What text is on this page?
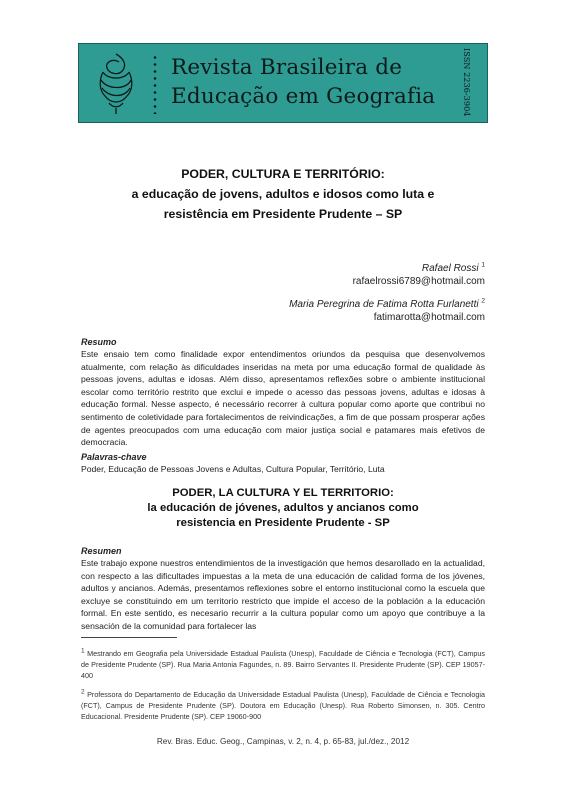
Revista Brasileira de
Educação em Geografia	ISSN 2236-3904
PODER, CULTURA E TERRITÓRIO:
a educação de jovens, adultos e idosos como luta e
resistência em Presidente Prudente – SP
Rafael Rossi $^1$
rafaelrossi6789@hotmail.com
Maria Peregrina de Fatima Rotta Furlanetti $^2$
fatimarotta@hotmail.com
Resumo
Este ensaio tem como finalidade expor entendimentos oriundos da pesquisa que desenvolvemos atualmente, com relação às dificuldades inseridas na meta por uma educação formal de qualidade às pessoas jovens, adultas e idosas. Além disso, apresentamos reflexões sobre o ambiente institucional escolar como território restrito que exclui e impede o acesso das pessoas jovens, adultas e idosas à educação formal. Nesse aspecto, é necessário recorrer à cultura popular como aporte que contribui no sentimento de coletividade para fortalecimentos de reivindicações, a fim de que possam prosperar ações de agentes preocupados com uma educação com maior justiça social e patamares mais efetivos de democracia.
Palavras-chave
Poder, Educação de Pessoas Jovens e Adultas, Cultura Popular, Território, Luta
PODER, LA CULTURA Y EL TERRITORIO:
la educación de jóvenes, adultos y ancianos como
resistencia en Presidente Prudente - SP
Resumen
Este trabajo expone nuestros entendimientos de la investigación que hemos desarollado en la actualidad, con respecto a las dificultades impuestas a la meta de una educación de calidad forma de los jóvenes, adultos y ancianos. Además, presentamos reflexiones sobre el entorno institucional como la escuela que excluye se constituindo em um territorio restricto que impide el acceso de la población a la educación formal. En este sentido, es necesario recurrir a la cultura popular como um apoyo que contribuye a la sensación de la comunidad para fortalecer las
1 Mestrando em Geografia pela Universidade Estadual Paulista (Unesp), Faculdade de Ciência e Tecnologia (FCT), Campus de Presidente Prudente (SP). Rua Maria Antonia Fagundes, n. 89. Bairro Servantes II. Presidente Prudente (SP). CEP 19057-400
2 Professora do Departamento de Educação da Universidade Estadual Paulista (Unesp), Faculdade de Ciência e Tecnologia (FCT), Campus de Presidente Prudente (SP). Doutora em Educação (Unesp). Rua Roberto Simonsen, n. 305. Centro Educacional. Presidente Prudente (SP). CEP 19060-900
Rev. Bras. Educ. Geog., Campinas, v. 2, n. 4, p. 65-83, jul./dez., 2012
